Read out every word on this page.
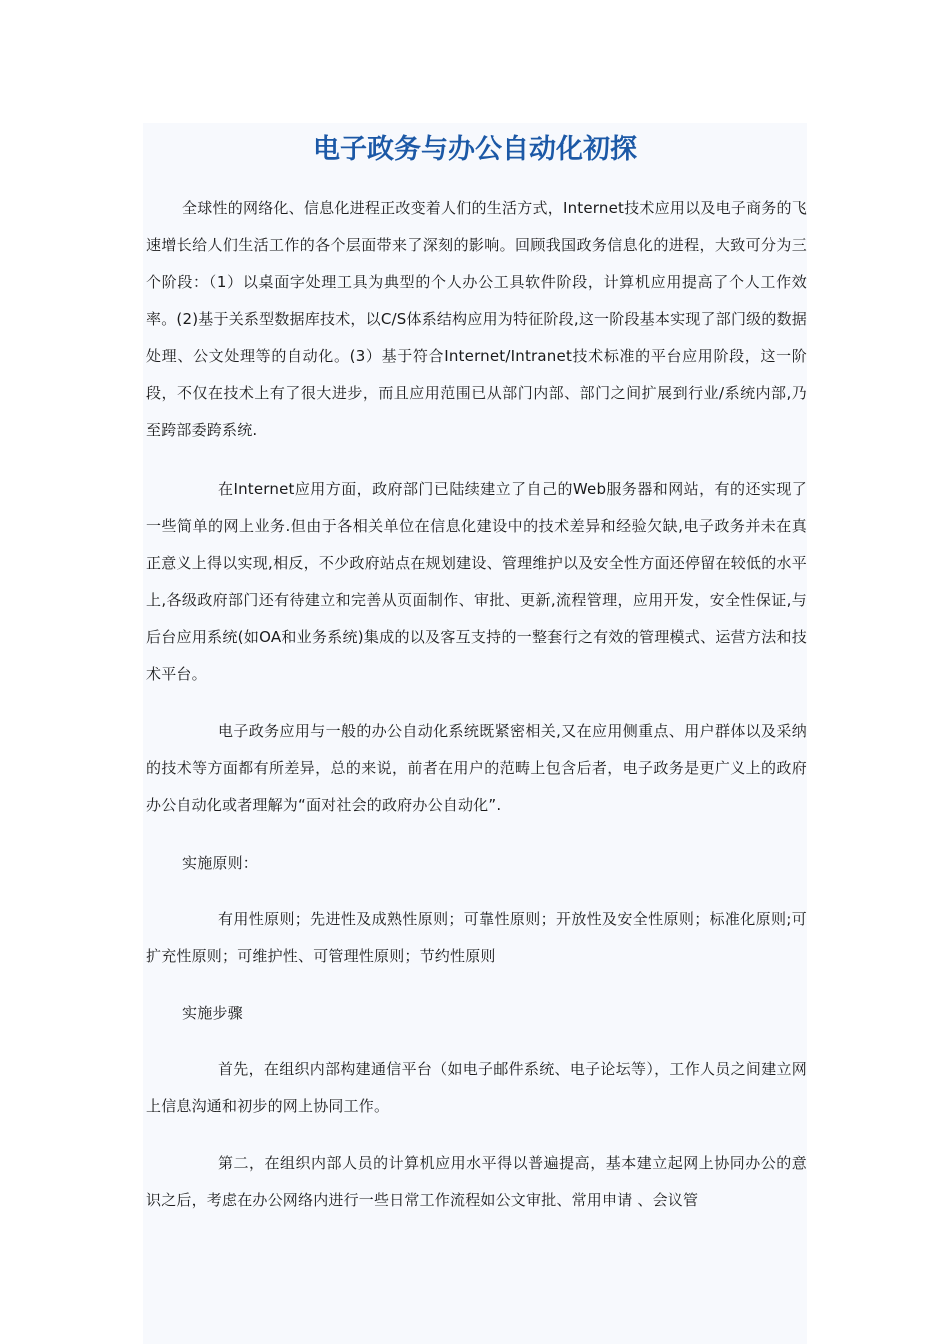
电子政务与办公自动化初探

全球性的网络化、信息化进程正改变着人们的生活方式，Internet技术应用以及电子商务的飞速增长给人们生活工作的各个层面带来了深刻的影响。回顾我国政务信息化的进程，大致可分为三个阶段：（1）以桌面字处理工具为典型的个人办公工具软件阶段，计算机应用提高了个人工作效率。(2)基于关系型数据库技术，以C/S体系结构应用为特征阶段,这一阶段基本实现了部门级的数据处理、公文处理等的自动化。(3）基于符合Internet/Intranet技术标准的平台应用阶段，这一阶段，不仅在技术上有了很大进步，而且应用范围已从部门内部、部门之间扩展到行业/系统内部,乃至跨部委跨系统.

在Internet应用方面，政府部门已陆续建立了自己的Web服务器和网站，有的还实现了一些简单的网上业务.但由于各相关单位在信息化建设中的技术差异和经验欠缺,电子政务并未在真正意义上得以实现,相反，不少政府站点在规划建设、管理维护以及安全性方面还停留在较低的水平上,各级政府部门还有待建立和完善从页面制作、审批、更新,流程管理，应用开发，安全性保证,与后台应用系统(如OA和业务系统)集成的以及客互支持的一整套行之有效的管理模式、运营方法和技术平台。

电子政务应用与一般的办公自动化系统既紧密相关,又在应用侧重点、用户群体以及采纳的技术等方面都有所差异，总的来说，前者在用户的范畴上包含后者，电子政务是更广义上的政府办公自动化或者理解为“面对社会的政府办公自动化”.

实施原则：

有用性原则；先进性及成熟性原则；可靠性原则；开放性及安全性原则；标准化原则;可扩充性原则；可维护性、可管理性原则；节约性原则

实施步骤

首先，在组织内部构建通信平台（如电子邮件系统、电子论坛等），工作人员之间建立网上信息沟通和初步的网上协同工作。

第二，在组织内部人员的计算机应用水平得以普遍提高，基本建立起网上协同办公的意识之后，考虑在办公网络内进行一些日常工作流程如公文审批、常用申请 、会议管
